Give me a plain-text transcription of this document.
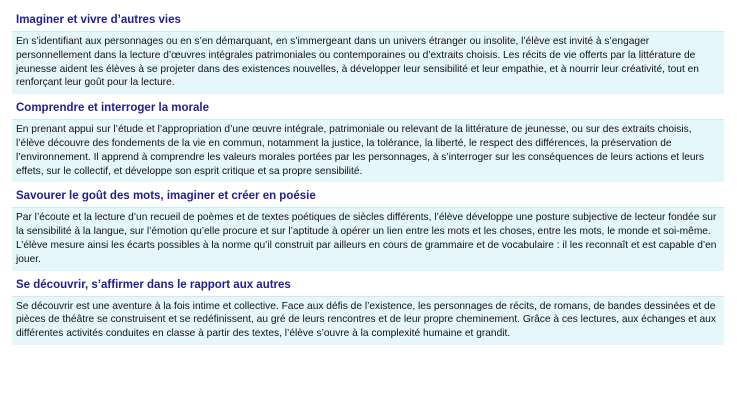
Imaginer et vivre d’autres vies

En s’identifiant aux personnages ou en s’en démarquant, en s’immergeant dans un univers étranger ou insolite, l’élève est invité à s’engager personnellement dans la lecture d’œuvres intégrales patrimoniales ou contemporaines ou d’extraits choisis. Les récits de vie offerts par la littérature de jeunesse aident les élèves à se projeter dans des existences nouvelles, à développer leur sensibilité et leur empathie, et à nourrir leur créativité, tout en renforçant leur goût pour la lecture.

Comprendre et interroger la morale

En prenant appui sur l’étude et l’appropriation d’une œuvre intégrale, patrimoniale ou relevant de la littérature de jeunesse, ou sur des extraits choisis, l’élève découvre des fondements de la vie en commun, notamment la justice, la tolérance, la liberté, le respect des différences, la préservation de l’environnement. Il apprend à comprendre les valeurs morales portées par les personnages, à s’interroger sur les conséquences de leurs actions et leurs effets, sur le collectif, et développe son esprit critique et sa propre sensibilité.

Savourer le goût des mots, imaginer et créer en poésie

Par l’écoute et la lecture d’un recueil de poèmes et de textes poétiques de siècles différents, l’élève développe une posture subjective de lecteur fondée sur la sensibilité à la langue, sur l’émotion qu’elle procure et sur l’aptitude à opérer un lien entre les mots et les choses, entre les mots, le monde et soi-même. L’élève mesure ainsi les écarts possibles à la norme qu’il construit par ailleurs en cours de grammaire et de vocabulaire : il les reconnaît et est capable d’en jouer.

Se découvrir, s’affirmer dans le rapport aux autres

Se découvrir est une aventure à la fois intime et collective. Face aux défis de l’existence, les personnages de récits, de romans, de bandes dessinées et de pièces de théâtre se construisent et se redéfinissent, au gré de leurs rencontres et de leur propre cheminement. Grâce à ces lectures, aux échanges et aux différentes activités conduites en classe à partir des textes, l’élève s’ouvre à la complexité humaine et grandit.
